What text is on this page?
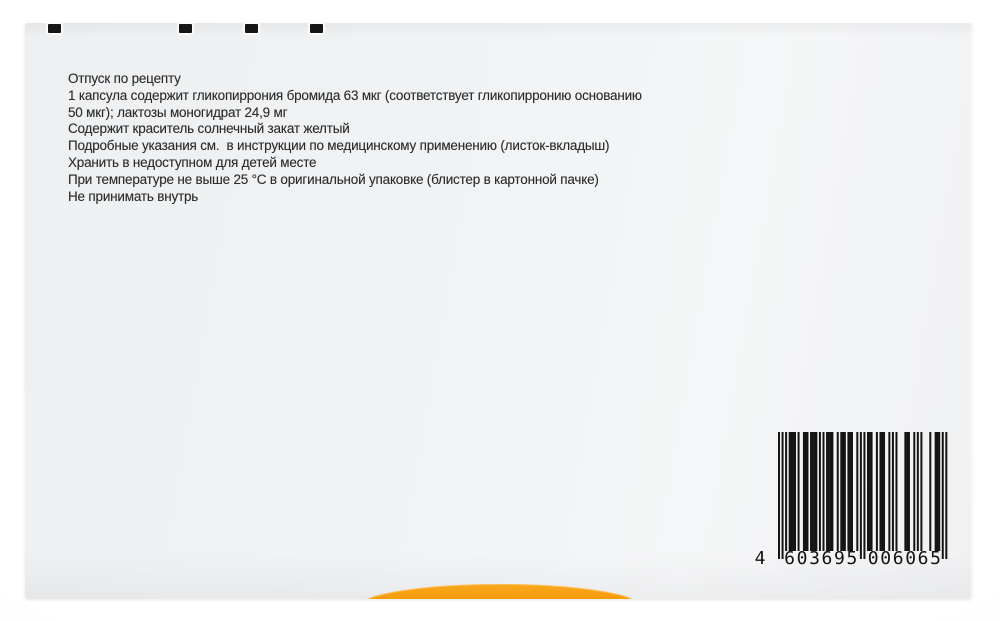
Отпуск по рецепту
1 капсула содержит гликопиррония бромида 63 мкг (соответствует гликопирронию основанию
50 мкг); лактозы моногидрат 24,9 мг
Содержит краситель солнечный закат желтый
Подробные указания см.  в инструкции по медицинскому применению (листок-вкладыш)
Хранить в недоступном для детей месте
При температуре не выше 25 °С в оригинальной упаковке (блистер в картонной пачке)
Не принимать внутрь
4 6 0 3 6 9 5 0 0 6 0 6 5
